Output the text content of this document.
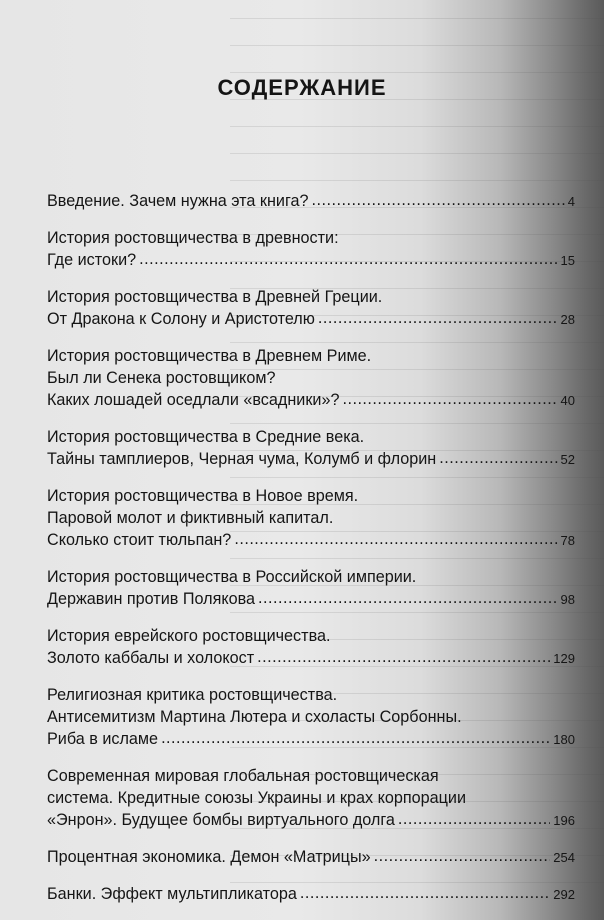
СОДЕРЖАНИЕ
Введение. Зачем нужна эта книга? . . .	4
История ростовщичества в древности:
Где истоки? . . .	15
История ростовщичества в Древней Греции.
От Дракона к Солону и Аристотелю . . .	28
История ростовщичества в Древнем Риме.
Был ли Сенека ростовщиком?
Каких лошадей оседлали «всадники»? . . .	40
История ростовщичества в Средние века.
Тайны тамплиеров, Черная чума, Колумб и флорин . . .	52
История ростовщичества в Новое время.
Паровой молот и фиктивный капитал.
Сколько стоит тюльпан? . . .	78
История ростовщичества в Российской империи.
Державин против Полякова . . .	98
История еврейского ростовщичества.
Золото каббалы и холокост . . .	129
Религиозная критика ростовщичества.
Антисемитизм Мартина Лютера и схоласты Сорбонны.
Риба в исламе . . .	180
Современная мировая глобальная ростовщическая
система. Кредитные союзы Украины и крах корпорации
«Энрон». Будущее бомбы виртуального долга . . .	196
Процентная экономика. Демон «Матрицы» . . .	254
Банки. Эффект мультипликатора . . .	292
